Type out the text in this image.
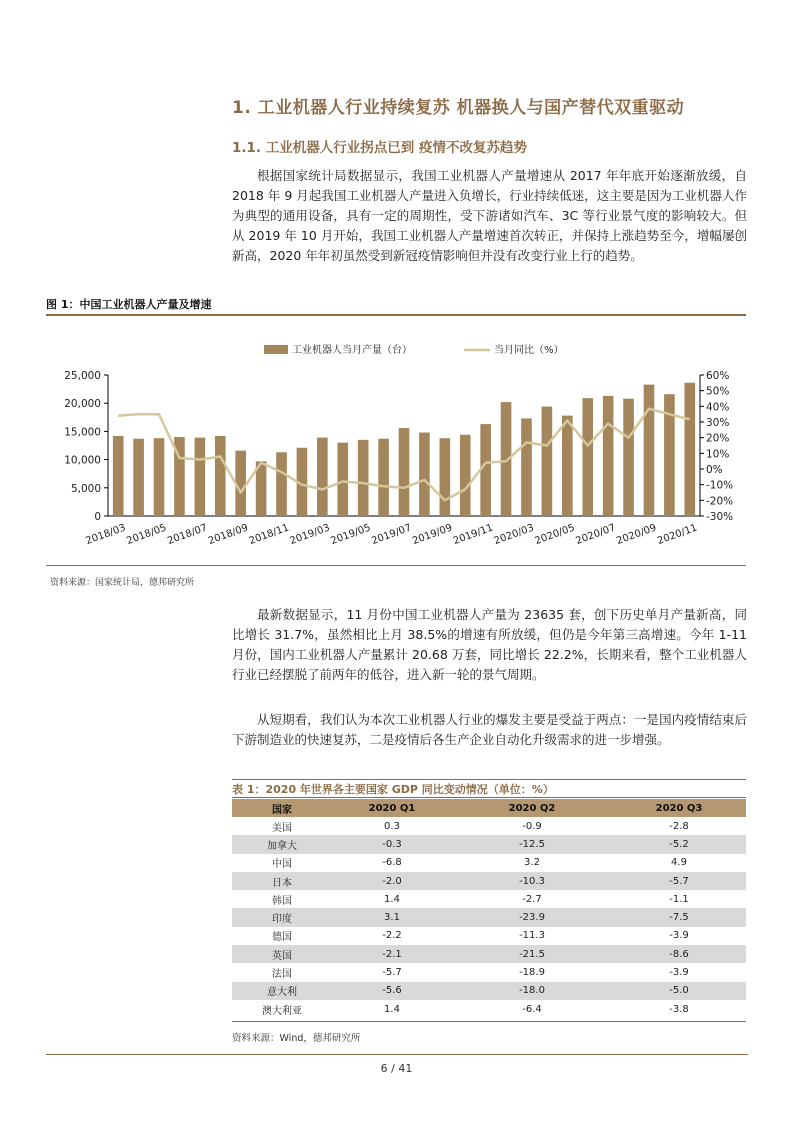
1. 工业机器人行业持续复苏 机器换人与国产替代双重驱动
1.1. 工业机器人行业拐点已到 疫情不改复苏趋势

根据国家统计局数据显示，我国工业机器人产量增速从 2017 年年底开始逐渐放缓，自 2018 年 9 月起我国工业机器人产量进入负增长，行业持续低迷，这主要是因为工业机器人作为典型的通用设备，具有一定的周期性，受下游诸如汽车、3C 等行业景气度的影响较大。但从 2019 年 10 月开始，我国工业机器人产量增速首次转正，并保持上涨趋势至今，增幅屡创新高，2020 年年初虽然受到新冠疫情影响但并没有改变行业上行的趋势。

图 1：中国工业机器人产量及增速
工业机器人当月产量（台）	当月同比（%）
0
5,000
10,000
15,000
20,000
25,000
-30%
-20%
-10%
0%
10%
20%
30%
40%
50%
60%
2018/03
2018/05
2018/07
2018/09
2018/11
2019/03
2019/05
2019/07
2019/09
2019/11
2020/03
2020/05
2020/07
2020/09
2020/11
资料来源：国家统计局，德邦研究所

最新数据显示，11 月份中国工业机器人产量为 23635 套，创下历史单月产量新高，同比增长 31.7%，虽然相比上月 38.5%的增速有所放缓，但仍是今年第三高增速。今年 1-11 月份，国内工业机器人产量累计 20.68 万套，同比增长 22.2%，长期来看，整个工业机器人行业已经摆脱了前两年的低谷，进入新一轮的景气周期。

从短期看，我们认为本次工业机器人行业的爆发主要是受益于两点：一是国内疫情结束后下游制造业的快速复苏，二是疫情后各生产企业自动化升级需求的进一步增强。

表 1：2020 年世界各主要国家 GDP 同比变动情况（单位：%）
国家	2020 Q1	2020 Q2	2020 Q3
美国	0.3	-0.9	-2.8
加拿大	-0.3	-12.5	-5.2
中国	-6.8	3.2	4.9
日本	-2.0	-10.3	-5.7
韩国	1.4	-2.7	-1.1
印度	3.1	-23.9	-7.5
德国	-2.2	-11.3	-3.9
英国	-2.1	-21.5	-8.6
法国	-5.7	-18.9	-3.9
意大利	-5.6	-18.0	-5.0
澳大利亚	1.4	-6.4	-3.8
资料来源：Wind，德邦研究所
6 / 41
